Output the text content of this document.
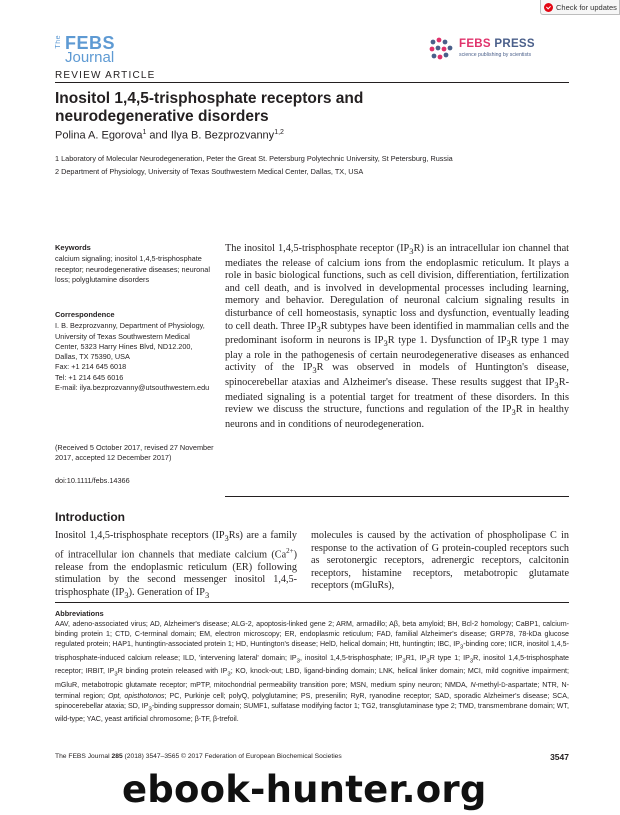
Check for updates
The FEBS
Journal
FEBS PRESS
science publishing by scientists
REVIEW ARTICLE
Inositol 1,4,5-trisphosphate receptors and
neurodegenerative disorders
Polina A. Egorova$^1$ and Ilya B. Bezprozvanny$^{1,2}$
1 Laboratory of Molecular Neurodegeneration, Peter the Great St. Petersburg Polytechnic University, St Petersburg, Russia
2 Department of Physiology, University of Texas Southwestern Medical Center, Dallas, TX, USA
Keywords
calcium signaling; inositol 1,4,5-trisphosphate receptor; neurodegenerative diseases; neuronal loss; polyglutamine disorders
Correspondence
I. B. Bezprozvanny, Department of Physiology, University of Texas Southwestern Medical Center, 5323 Harry Hines Blvd, ND12.200, Dallas, TX 75390, USA
Fax: +1 214 645 6018
Tel: +1 214 645 6016
E-mail: ilya.bezprozvanny@utsouthwestern.edu
(Received 5 October 2017, revised 27 November 2017, accepted 12 December 2017)
doi:10.1111/febs.14366
The inositol 1,4,5-trisphosphate receptor $(IP_3R)$ is an intracellular ion channel that mediates the release of calcium ions from the endoplasmic reticulum. It plays a role in basic biological functions, such as cell division, differentiation, fertilization and cell death, and is involved in developmental processes including learning, memory and behavior. Deregulation of neuronal calcium signaling results in disturbance of cell homeostasis, synaptic loss and dysfunction, eventually leading to cell death. Three $IP_3R$ subtypes have been identified in mammalian cells and the predominant isoform in neurons is $IP_3R$ type 1. Dysfunction of $IP_3R$ type 1 may play a role in the pathogenesis of certain neurodegenerative diseases as enhanced activity of the $IP_3R$ was observed in models of Huntington's disease, spinocerebellar ataxias and Alzheimer's disease. These results suggest that $IP_3R$-mediated signaling is a potential target for treatment of these disorders. In this review we discuss the structure, functions and regulation of the $IP_3R$ in healthy neurons and in conditions of neurodegeneration.
Introduction
Inositol 1,4,5-trisphosphate receptors $(IP_3Rs)$ are a family of intracellular ion channels that mediate calcium $(Ca^{2+})$ release from the endoplasmic reticulum (ER) following stimulation by the second messenger inositol 1,4,5-trisphosphate $(IP_3)$. Generation of $IP_3$
molecules is caused by the activation of phospholipase C in response to the activation of G protein-coupled receptors such as serotonergic receptors, adrenergic receptors, calcitonin receptors, histamine receptors, metabotropic glutamate receptors (mGluRs),
Abbreviations
AAV, adeno-associated virus; AD, Alzheimer's disease; ALG-2, apoptosis-linked gene 2; ARM, armadillo; Aβ, beta amyloid; BH, Bcl-2 homology; CaBP1, calcium-binding protein 1; CTD, C-terminal domain; EM, electron microscopy; ER, endoplasmic reticulum; FAD, familial Alzheimer's disease; GRP78, 78-kDa glucose regulated protein; HAP1, huntingtin-associated protein 1; HD, Huntington's disease; HelD, helical domain; Htt, huntingtin; IBC, $IP_3$-binding core; IICR, inositol 1,4,5-trisphosphate-induced calcium release; ILD, 'intervening lateral' domain; $IP_3$, inositol 1,4,5-trisphosphate; $IP_3R1$, $IP_3R$ type 1; $IP_3R$, inositol 1,4,5-trisphosphate receptor; IRBIT, $IP_3R$ binding protein released with $IP_3$; KO, knock-out; LBD, ligand-binding domain; LNK, helical linker domain; MCI, mild cognitive impairment; mGluR, metabotropic glutamate receptor; mPTP, mitochondrial permeability transition pore; MSN, medium spiny neuron; NMDA, N-methyl-D-aspartate; NTR, N-terminal region; Opt, opisthotonos; PC, Purkinje cell; polyQ, polyglutamine; PS, presenilin; RyR, ryanodine receptor; SAD, sporadic Alzheimer's disease; SCA, spinocerebellar ataxia; SD, $IP_3$-binding suppressor domain; SUMF1, sulfatase modifying factor 1; TG2, transglutaminase type 2; TMD, transmembrane domain; WT, wild-type; YAC, yeast artificial chromosome; β-TF, β-trefoil.
The FEBS Journal 285 (2018) 3547–3565 © 2017 Federation of European Biochemical Societies	3547
ebook-hunter.org
